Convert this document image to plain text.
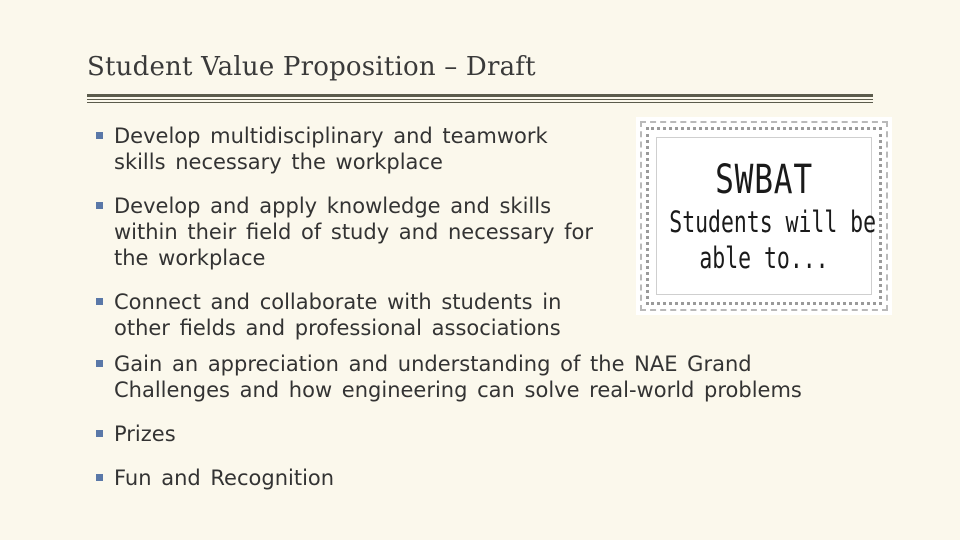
Student Value Proposition – Draft
Develop multidisciplinary and teamwork
skills necessary the workplace
Develop and apply knowledge and skills
within their field of study and necessary for
the workplace
Connect and collaborate with students in
other fields and professional associations
Gain an appreciation and understanding of the NAE Grand
Challenges and how engineering can solve real-world problems
Prizes
Fun and Recognition
SWBAT
Students will be
able to...
